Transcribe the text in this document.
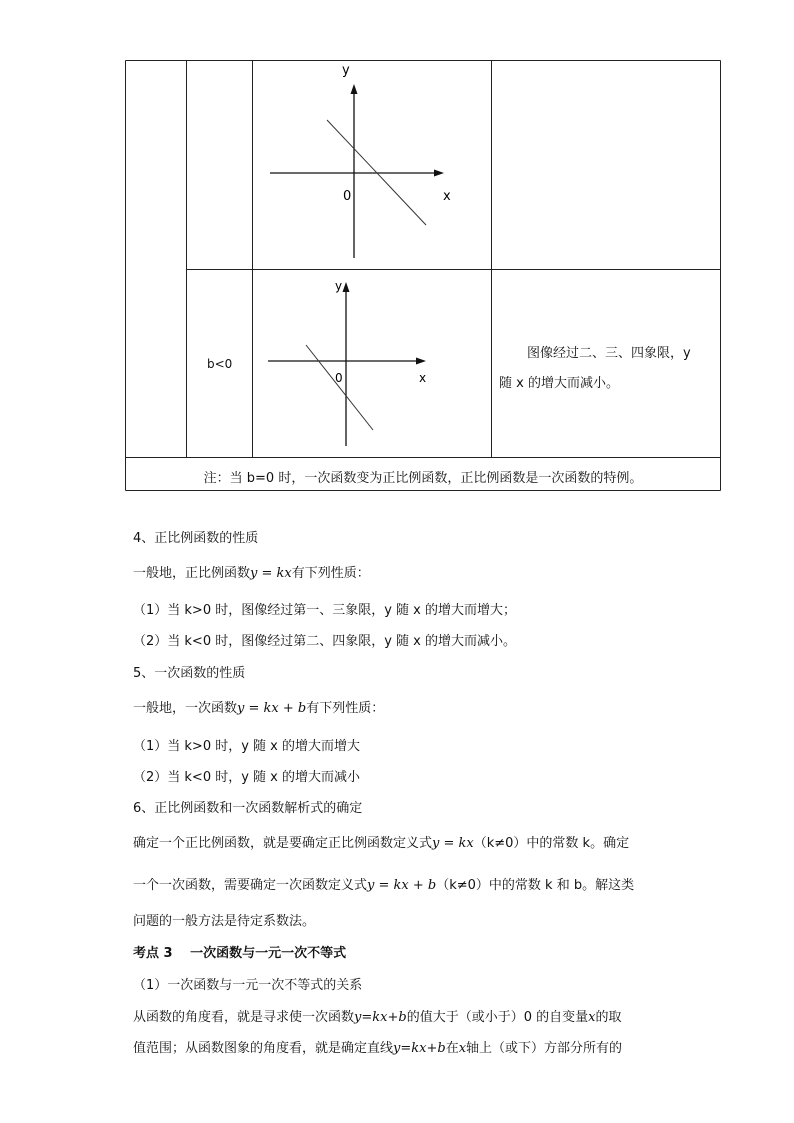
y
x
0
y
x
0
b<0
图像经过二、三、四象限，y
随 x 的增大而减小。
注：当 b=0 时，一次函数变为正比例函数，正比例函数是一次函数的特例。
4、正比例函数的性质
一般地，正比例函数y = kx有下列性质：
（1）当 k>0 时，图像经过第一、三象限，y 随 x 的增大而增大；
（2）当 k<0 时，图像经过第二、四象限，y 随 x 的增大而减小。
5、一次函数的性质
一般地，一次函数y = kx + b有下列性质：
（1）当 k>0 时，y 随 x 的增大而增大
（2）当 k<0 时，y 随 x 的增大而减小
6、正比例函数和一次函数解析式的确定
确定一个正比例函数，就是要确定正比例函数定义式y = kx（k≠0）中的常数 k。确定
一个一次函数，需要确定一次函数定义式y = kx + b（k≠0）中的常数 k 和 b。解这类
问题的一般方法是待定系数法。
考点 3　 一次函数与一元一次不等式
（1）一次函数与一元一次不等式的关系
从函数的角度看，就是寻求使一次函数y=kx+b的值大于（或小于）0 的自变量x的取
值范围；从函数图象的角度看，就是确定直线y=kx+b在x轴上（或下）方部分所有的
